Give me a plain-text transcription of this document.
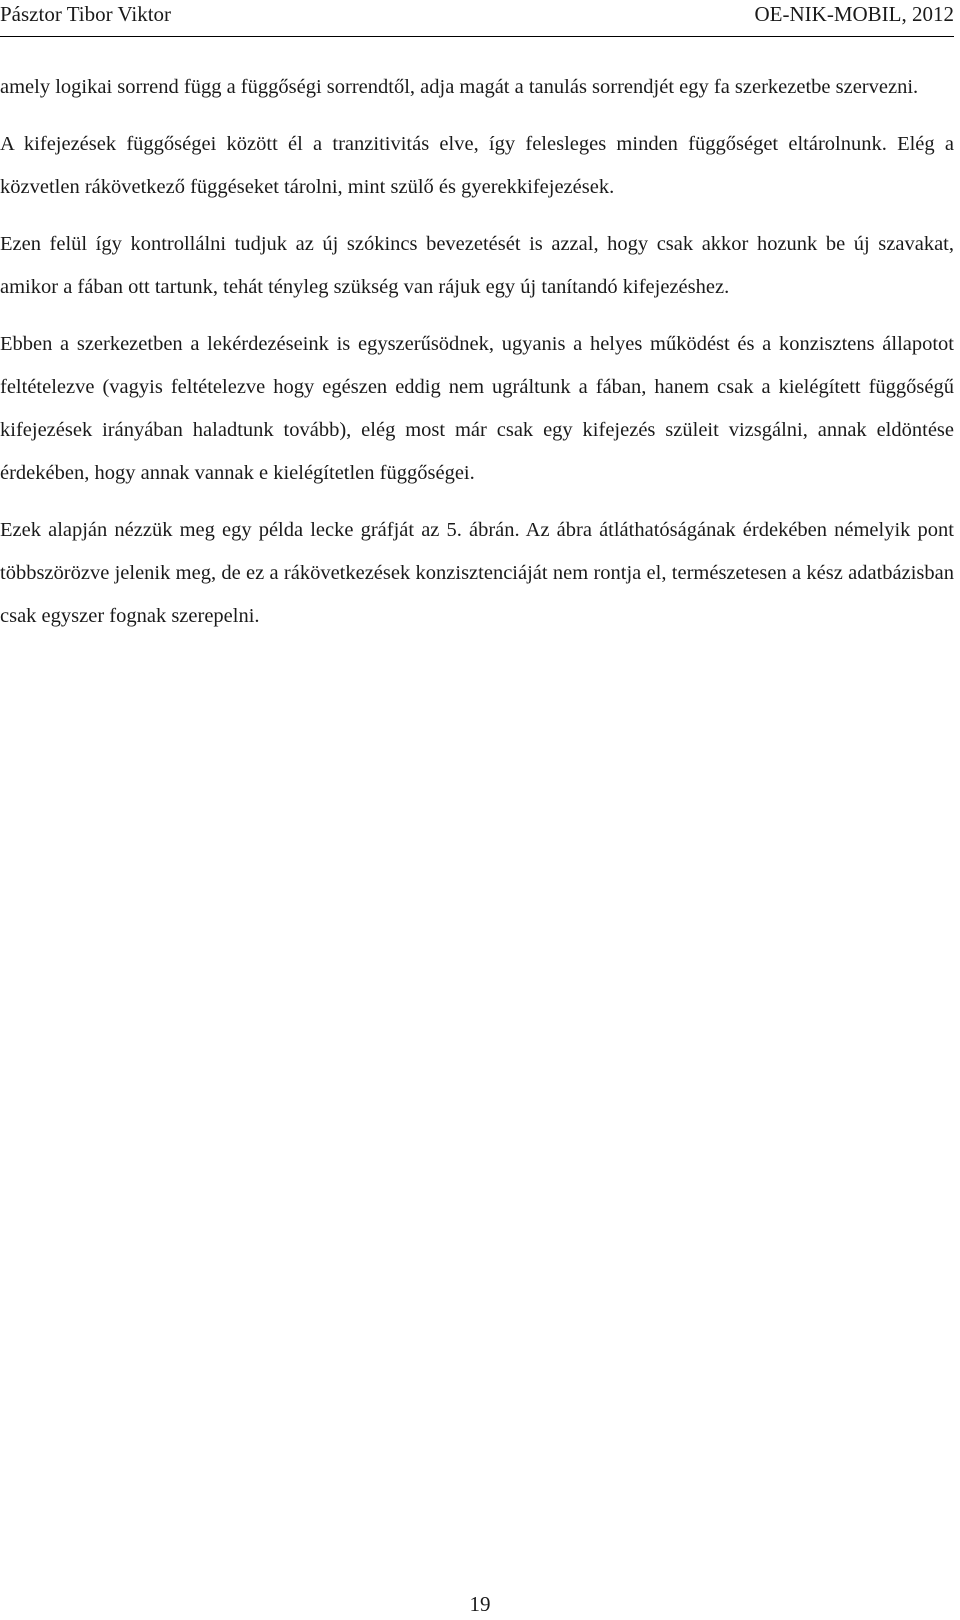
Pásztor Tibor Viktor	OE-NIK-MOBIL, 2012

amely logikai sorrend függ a függőségi sorrendtől, adja magát a tanulás sorrendjét egy fa szerkezetbe szervezni.

A kifejezések függőségei között él a tranzitivitás elve, így felesleges minden függőséget eltárolnunk. Elég a közvetlen rákövetkező függéseket tárolni, mint szülő és gyerekkifejezések.

Ezen felül így kontrollálni tudjuk az új szókincs bevezetését is azzal, hogy csak akkor hozunk be új szavakat, amikor a fában ott tartunk, tehát tényleg szükség van rájuk egy új tanítandó kifejezéshez.

Ebben a szerkezetben a lekérdezéseink is egyszerűsödnek, ugyanis a helyes működést és a konzisztens állapotot feltételezve (vagyis feltételezve hogy egészen eddig nem ugráltunk a fában, hanem csak a kielégített függőségű kifejezések irányában haladtunk tovább), elég most már csak egy kifejezés szüleit vizsgálni, annak eldöntése érdekében, hogy annak vannak e kielégítetlen függőségei.

Ezek alapján nézzük meg egy példa lecke gráfját az 5. ábrán. Az ábra átláthatóságának érdekében némelyik pont többszörözve jelenik meg, de ez a rákövetkezések konzisztenciáját nem rontja el, természetesen a kész adatbázisban csak egyszer fognak szerepelni.

19
